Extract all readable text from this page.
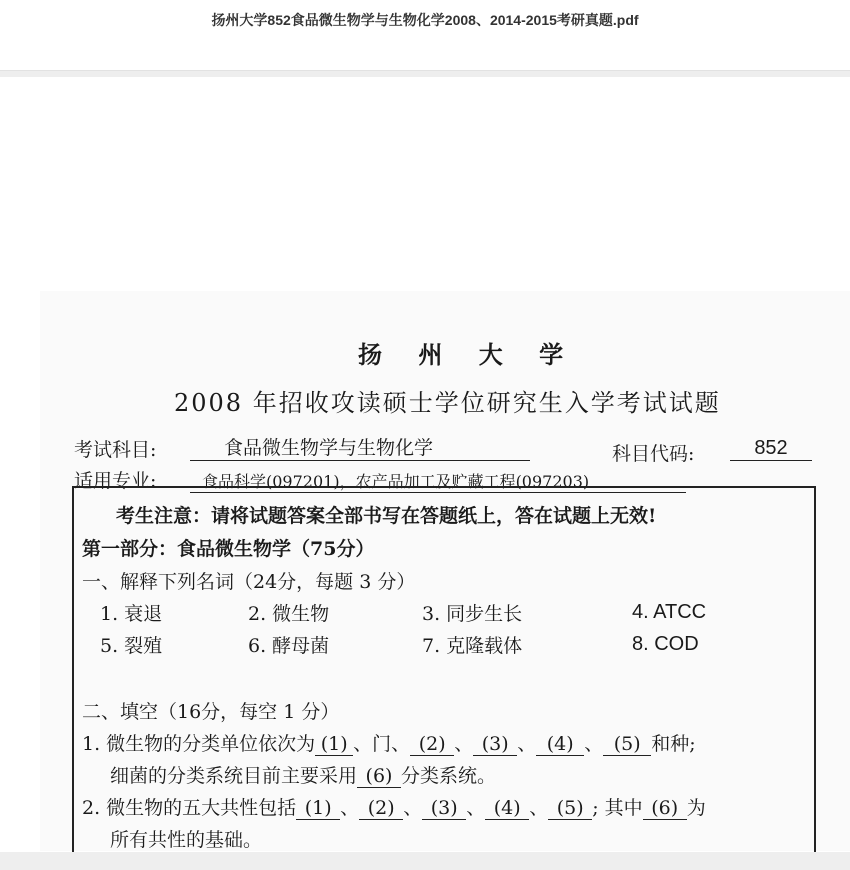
扬州大学852食品微生物学与生物化学2008、2014-2015考研真题.pdf
扬 州 大 学
2008 年招收攻读硕士学位研究生入学考试试题
考试科目:	食品微生物学与生物化学	科目代码:	852
适用专业:	食品科学(097201)，农产品加工及贮藏工程(097203)
考生注意：请将试题答案全部书写在答题纸上，答在试题上无效!
第一部分：食品微生物学（75分）
一、解释下列名词（24分，每题 3 分）
1. 衰退	2. 微生物	3. 同步生长	4. ATCC
5. 裂殖	6. 酵母菌	7. 克隆载体	8. COD
二、填空（16分，每空 1 分）
1. 微生物的分类单位依次为 (1) 、门、 (2) 、 (3) 、 (4) 、 (5) 和种;
细菌的分类系统目前主要采用 (6) 分类系统。
2. 微生物的五大共性包括 (1) 、 (2) 、 (3) 、 (4) 、 (5) ; 其中 (6) 为
所有共性的基础。
